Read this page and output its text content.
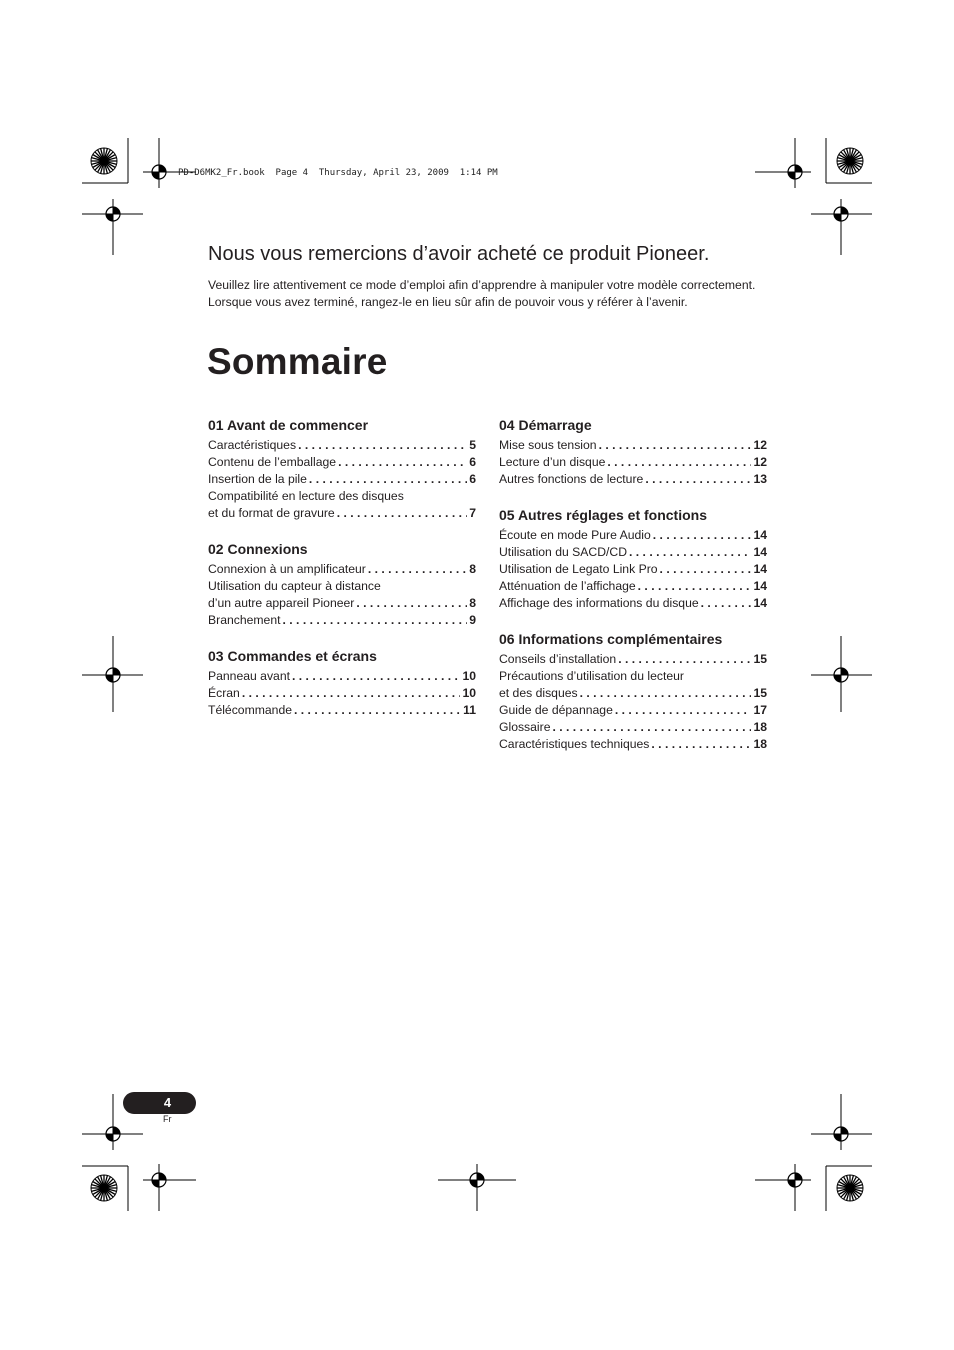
PD-D6MK2_Fr.book  Page 4  Thursday, April 23, 2009  1:14 PM
Nous vous remercions d’avoir acheté ce produit Pioneer.

Veuillez lire attentivement ce mode d’emploi afin d’apprendre à manipuler votre modèle correctement. Lorsque vous avez terminé, rangez-le en lieu sûr afin de pouvoir vous y référer à l’avenir.

Sommaire
01 Avant de commencer
Caractéristiques . . .	5
Contenu de l’emballage . . .	6
Insertion de la pile . . .	6
Compatibilité en lecture des disques
et du format de gravure . . .	7
02 Connexions
Connexion à un amplificateur . . .	8
Utilisation du capteur à distance
d’un autre appareil Pioneer . . .	8
Branchement . . .	9
03 Commandes et écrans
Panneau avant . . .	10
Écran . . .	10
Télécommande . . .	11
04 Démarrage
Mise sous tension . . .	12
Lecture d’un disque . . .	12
Autres fonctions de lecture . . .	13
05 Autres réglages et fonctions
Écoute en mode Pure Audio . . .	14
Utilisation du SACD/CD . . .	14
Utilisation de Legato Link Pro . . .	14
Atténuation de l’affichage . . .	14
Affichage des informations du disque . . .	14
06 Informations complémentaires
Conseils d’installation . . .	15
Précautions d’utilisation du lecteur
et des disques . . .	15
Guide de dépannage . . .	17
Glossaire . . .	18
Caractéristiques techniques . . .	18
4
Fr
